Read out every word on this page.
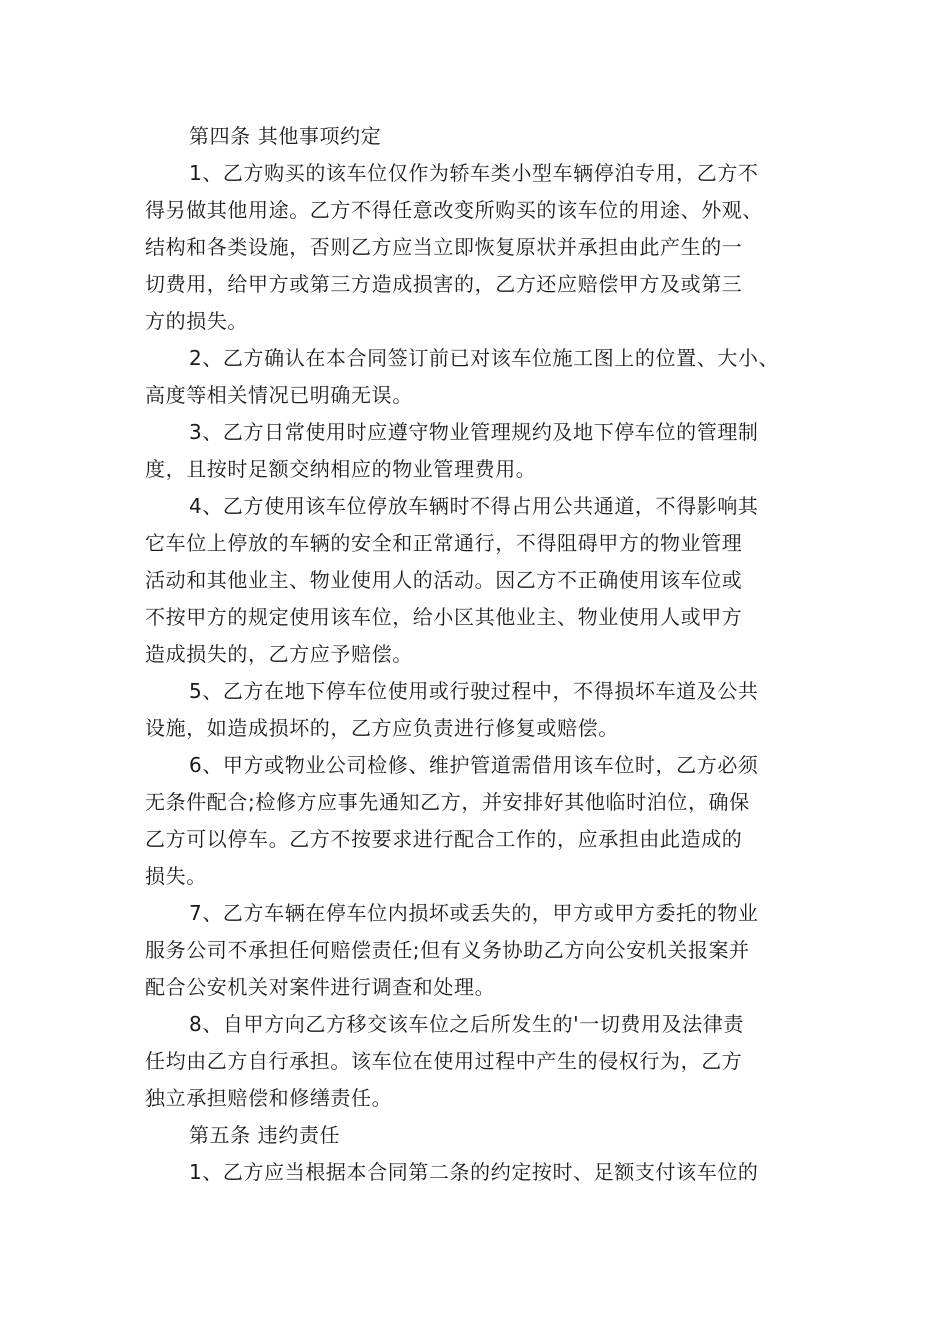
第四条 其他事项约定
1、乙方购买的该车位仅作为轿车类小型车辆停泊专用，乙方不
得另做其他用途。乙方不得任意改变所购买的该车位的用途、外观、
结构和各类设施，否则乙方应当立即恢复原状并承担由此产生的一
切费用，给甲方或第三方造成损害的，乙方还应赔偿甲方及或第三
方的损失。
2、乙方确认在本合同签订前已对该车位施工图上的位置、大小、
高度等相关情况已明确无误。
3、乙方日常使用时应遵守物业管理规约及地下停车位的管理制
度，且按时足额交纳相应的物业管理费用。
4、乙方使用该车位停放车辆时不得占用公共通道，不得影响其
它车位上停放的车辆的安全和正常通行，不得阻碍甲方的物业管理
活动和其他业主、物业使用人的活动。因乙方不正确使用该车位或
不按甲方的规定使用该车位，给小区其他业主、物业使用人或甲方
造成损失的，乙方应予赔偿。
5、乙方在地下停车位使用或行驶过程中，不得损坏车道及公共
设施，如造成损坏的，乙方应负责进行修复或赔偿。
6、甲方或物业公司检修、维护管道需借用该车位时，乙方必须
无条件配合;检修方应事先通知乙方，并安排好其他临时泊位，确保
乙方可以停车。乙方不按要求进行配合工作的，应承担由此造成的
损失。
7、乙方车辆在停车位内损坏或丢失的，甲方或甲方委托的物业
服务公司不承担任何赔偿责任;但有义务协助乙方向公安机关报案并
配合公安机关对案件进行调查和处理。
8、自甲方向乙方移交该车位之后所发生的'一切费用及法律责
任均由乙方自行承担。该车位在使用过程中产生的侵权行为，乙方
独立承担赔偿和修缮责任。
第五条 违约责任
1、乙方应当根据本合同第二条的约定按时、足额支付该车位的
